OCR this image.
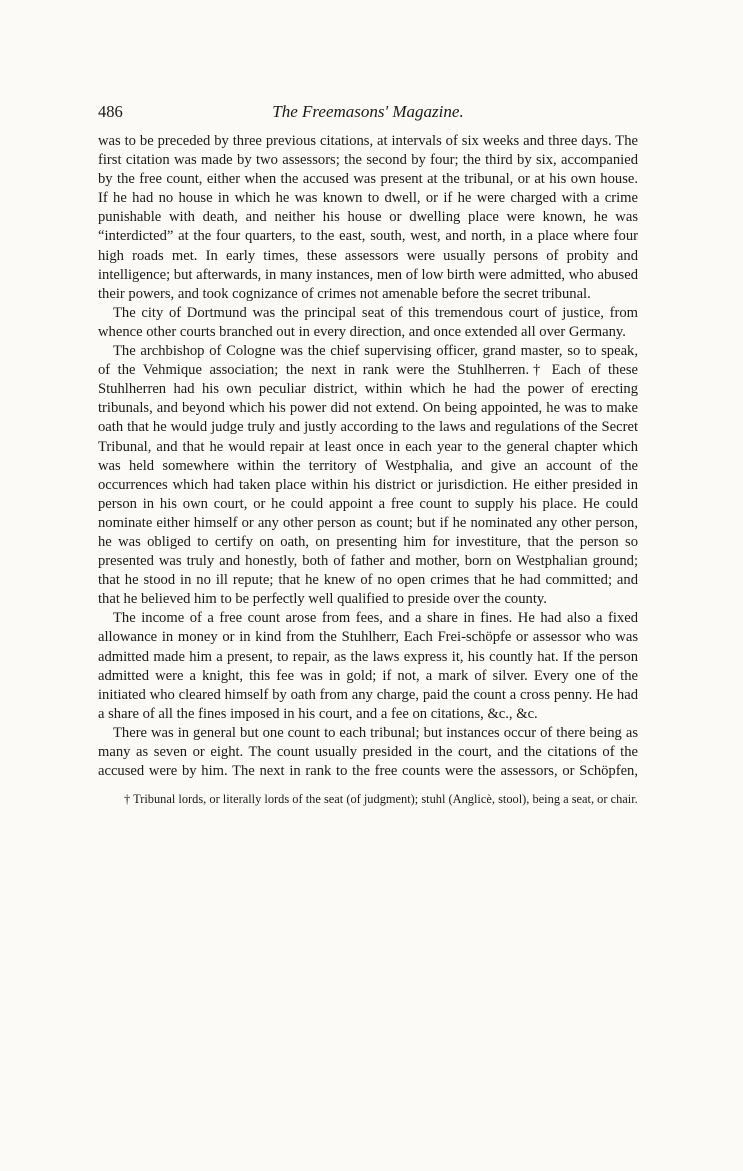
486	The Freemasons' Magazine.

was to be preceded by three previous citations, at intervals of six weeks and three days. The first citation was made by two assessors; the second by four; the third by six, accompanied by the free count, either when the accused was present at the tribunal, or at his own house. If he had no house in which he was known to dwell, or if he were charged with a crime punishable with death, and neither his house or dwelling place were known, he was “interdicted” at the four quarters, to the east, south, west, and north, in a place where four high roads met. In early times, these assessors were usually persons of probity and intelligence; but afterwards, in many instances, men of low birth were admitted, who abused their powers, and took cognizance of crimes not amenable before the secret tribunal.

The city of Dortmund was the principal seat of this tremendous court of justice, from whence other courts branched out in every direction, and once extended all over Germany.

The archbishop of Cologne was the chief supervising officer, grand master, so to speak, of the Vehmique association; the next in rank were the Stuhlherren.† Each of these Stuhlherren had his own peculiar district, within which he had the power of erecting tribunals, and beyond which his power did not extend. On being appointed, he was to make oath that he would judge truly and justly according to the laws and regulations of the Secret Tribunal, and that he would repair at least once in each year to the general chapter which was held somewhere within the territory of Westphalia, and give an account of the occurrences which had taken place within his district or jurisdiction. He either presided in person in his own court, or he could appoint a free count to supply his place. He could nominate either himself or any other person as count; but if he nominated any other person, he was obliged to certify on oath, on presenting him for investiture, that the person so presented was truly and honestly, both of father and mother, born on Westphalian ground; that he stood in no ill repute; that he knew of no open crimes that he had committed; and that he believed him to be perfectly well qualified to preside over the county.

The income of a free count arose from fees, and a share in fines. He had also a fixed allowance in money or in kind from the Stuhlherr, Each Frei-schöpfe or assessor who was admitted made him a present, to repair, as the laws express it, his countly hat. If the person admitted were a knight, this fee was in gold; if not, a mark of silver. Every one of the initiated who cleared himself by oath from any charge, paid the count a cross penny. He had a share of all the fines imposed in his court, and a fee on citations, &c., &c.

There was in general but one count to each tribunal; but instances occur of there being as many as seven or eight. The count usually presided in the court, and the citations of the accused were by him. The next in rank to the free counts were the assessors, or Schöpfen,

† Tribunal lords, or literally lords of the seat (of judgment); stuhl (Anglicè, stool), being a seat, or chair.
